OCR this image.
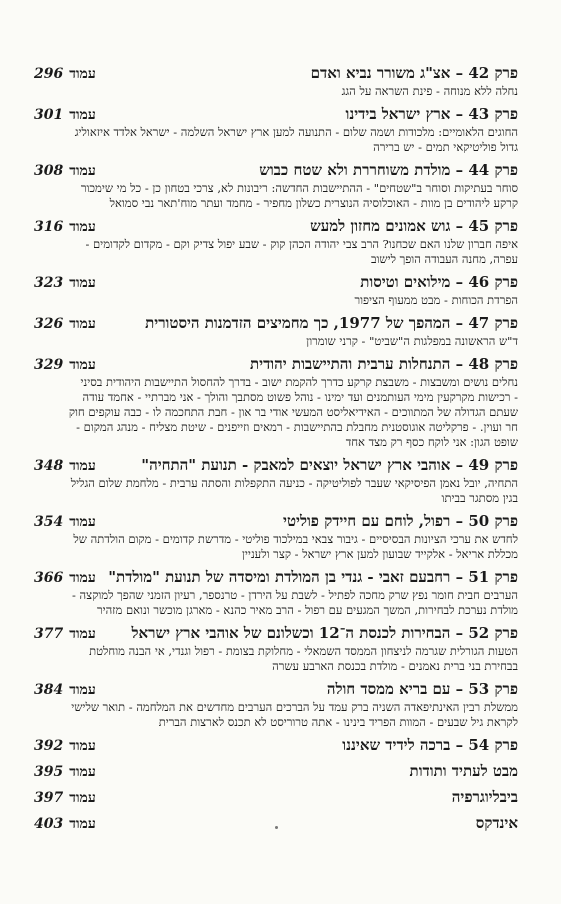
פרק 42 – אצ"ג משורר נביא ואדם
עמוד296
נחלה ללא מנוחה - פינת השראה על הגג
פרק 43 – ארץ ישראל בידינו
עמוד301
החוגים הלאומיים: מלכודות ושמה שלום - התנועה למען ארץ ישראל השלמה - ישראל אלדד איזאוליג
גדול פוליטיקאי תמים - יש ברירה
פרק 44 – מולדת משוחררת ולא שטח כבוש
עמוד308
סוחר בעתיקות וסוחר ב"שטחים" - ההתיישבות החדשה: ריבונות לא, צרכי בטחון כן - כל מי שימכור
קרקע ליהודים בן מוות - האוכלוסיה הנוצרית כשלון מחפיר - מחמד ועתר מוח'תאר נבי סמואל
פרק 45 – גוש אמונים מחזון למעש
עמוד316
איפה חברון שלנו האם שכחנו? הרב צבי יהודה הכהן קוק - שבע יפול צדיק וקם - מקדום לקדומים -
עפרה, מחנה העבודה הופך לישוב
פרק 46 – מילואים וטיסות
עמוד323
הפרדת הכוחות - מבט ממעוף הציפור
פרק 47 – המהפך של 1977, כך מחמיצים הזדמנות היסטורית
עמוד326
ד"ש הראשונה במפלגות ה"שביט" - קרני שומרון
פרק 48 – התנחלות ערבית והתיישבות יהודית
עמוד329
נחלים נושים ומשבצות - משבצת קרקע כדרך להקמת ישוב - בדרך להחסול התיישבות היהודית בסיני
- רכישות מקרקעין מימי העותמנים ועד ימינו - נוהל פשוט מסתבך והולך - אני מברתיי - אחמד עודה
שעתם הגדולה של המתווכים - האידיאליסט המעשי אודי בר און - חבת התחכמה לו - כבה עוקפים חוק
חר ועוין. - פרקליטה אוגוסטנית מחבלת בהתיישבות - רמאים וזייפנים - שיטת מצליח - מנהג המקום -
שופט הגון: אני לוקח כסף רק מצד אחד
פרק 49 – אוהבי ארץ ישראל יוצאים למאבק - תנועת "התחיה"
עמוד348
התחיה, יובל נאמן הפיסיקאי שעבר לפוליטיקה - כניעה התקפלות והסתה ערבית - מלחמת שלום הגליל
בגין מסתגר בביתו
פרק 50 – רפול, לוחם עם חיידק פוליטי
עמוד354
לחדש את ערכי הציונות הבסיסיים - גיבור צבאי במילכוד פוליטי - מדרשת קדומים - מקום הולדתה של
מכללת אריאל - אלקייד שבועון למען ארץ ישראל - קצר ולעניין
פרק 51 – רחבעם זאבי - גנדי בן המולדת ומיסדה של תנועת "מולדת"
עמוד366
הערבים חבית חומר נפץ שרק מחכה לפתיל - לשבת על הירדן - טרנספר, רעיון הזמני שהפך למוקצה -
מולדת נערכת לבחירות, המשך המגעים עם רפול - הרב מאיר כהנא - מארגן מוכשר ונואם מזהיר
פרק 52 – הבחירות לכנסת ה־12 וכשלונם של אוהבי ארץ ישראל
עמוד377
הטעות הגורלית שגרמה לניצחון הממסד השמאלי - מחלוקת בצומת - רפול וגנדי, אי הבנה מוחלטת
בבחירת בני ברית נאמנים - מולדת בכנסת הארבע עשרה
פרק 53 – עם בריא ממסד חולה
עמוד384
ממשלת רבין האינתיפאדה השניה ברק עמד על הברכים הערבים מחדשים את המלחמה - תואר שלישי
לקראת גיל שבעים - המוות הפריד בינינו - אתה טרוריסט לא תכנס לארצות הברית
פרק 54 – ברכה לידיד שאיננו
עמוד392
מבט לעתיד ותודות
עמוד395
ביבליוגרפיה
עמוד397
אינדקס
עמוד403
